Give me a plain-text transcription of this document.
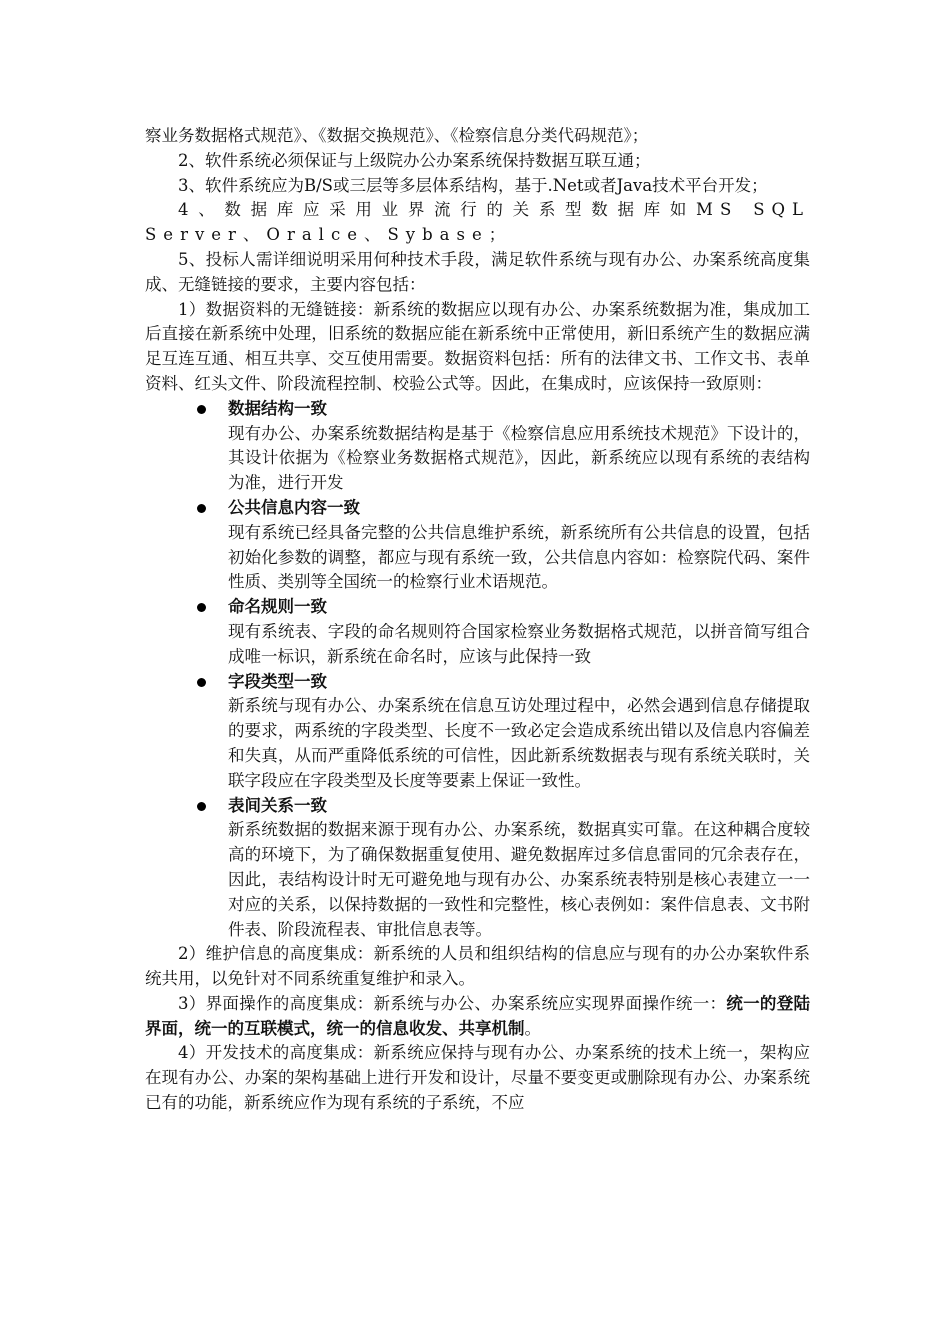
察业务数据格式规范》、《数据交换规范》、《检察信息分类代码规范》；

2、软件系统必须保证与上级院办公办案系统保持数据互联互通；

3、软件系统应为B/S或三层等多层体系结构，基于.Net或者Java技术平台开发；

4、数据库应采用业界流行的关系型数据库如MS SQL Server、Oralce、Sybase；

5、投标人需详细说明采用何种技术手段，满足软件系统与现有办公、办案系统高度集成、无缝链接的要求，主要内容包括：

1）数据资料的无缝链接：新系统的数据应以现有办公、办案系统数据为准，集成加工后直接在新系统中处理，旧系统的数据应能在新系统中正常使用，新旧系统产生的数据应满足互连互通、相互共享、交互使用需要。数据资料包括：所有的法律文书、工作文书、表单资料、红头文件、阶段流程控制、校验公式等。因此，在集成时，应该保持一致原则：

数据结构一致

现有办公、办案系统数据结构是基于《检察信息应用系统技术规范》下设计的，其设计依据为《检察业务数据格式规范》，因此，新系统应以现有系统的表结构为准，进行开发

公共信息内容一致

现有系统已经具备完整的公共信息维护系统，新系统所有公共信息的设置，包括初始化参数的调整，都应与现有系统一致，公共信息内容如：检察院代码、案件性质、类别等全国统一的检察行业术语规范。

命名规则一致

现有系统表、字段的命名规则符合国家检察业务数据格式规范，以拼音简写组合成唯一标识，新系统在命名时，应该与此保持一致

字段类型一致

新系统与现有办公、办案系统在信息互访处理过程中，必然会遇到信息存储提取的要求，两系统的字段类型、长度不一致必定会造成系统出错以及信息内容偏差和失真，从而严重降低系统的可信性，因此新系统数据表与现有系统关联时，关联字段应在字段类型及长度等要素上保证一致性。

表间关系一致

新系统数据的数据来源于现有办公、办案系统，数据真实可靠。在这种耦合度较高的环境下，为了确保数据重复使用、避免数据库过多信息雷同的冗余表存在，因此，表结构设计时无可避免地与现有办公、办案系统表特别是核心表建立一一对应的关系，以保持数据的一致性和完整性，核心表例如：案件信息表、文书附件表、阶段流程表、审批信息表等。

2）维护信息的高度集成：新系统的人员和组织结构的信息应与现有的办公办案软件系统共用，以免针对不同系统重复维护和录入。

3）界面操作的高度集成：新系统与办公、办案系统应实现界面操作统一：统一的登陆界面，统一的互联模式，统一的信息收发、共享机制。

4）开发技术的高度集成：新系统应保持与现有办公、办案系统的技术上统一，架构应在现有办公、办案的架构基础上进行开发和设计，尽量不要变更或删除现有办公、办案系统已有的功能，新系统应作为现有系统的子系统，不应
